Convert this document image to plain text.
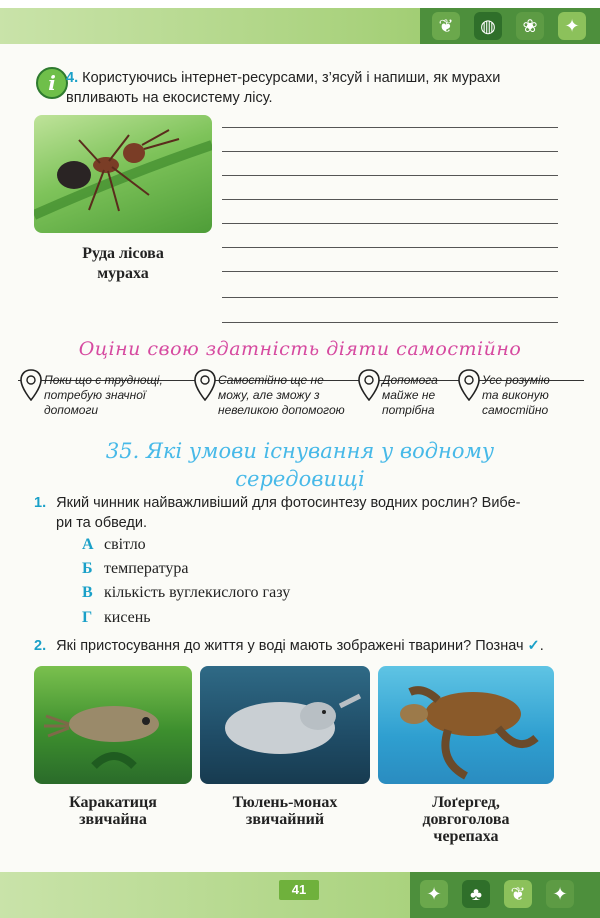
❦	◍	❀	✦
i 4. Користуючись інтернет-ресурсами, з’ясуй і напиши, як мурахи впливають на екосистему лісу.
Руда лісова
мураха
Оціни свою здатність діяти самостійно
Поки що є труднощі,
потребую значної
допомоги
Самостійно ще не
можу, але зможу з
невеликою допомогою
Допомога
майже не
потрібна
Усе розумію
та виконую
самостійно
35. Які умови існування у водному
середовищі
1. Який чинник найважливіший для фотосинтезу водних рослин? Вибе-
ри та обведи.
А світло
Б температура
В кількість вуглекислого газу
Г кисень
2. Які пристосування до життя у воді мають зображені тварини? Познач ✓.
Каракатиця
звичайна
Тюлень-монах
звичайний
Лоґергед,
довгоголова
черепаха
41	✦	♣	❦	✦
